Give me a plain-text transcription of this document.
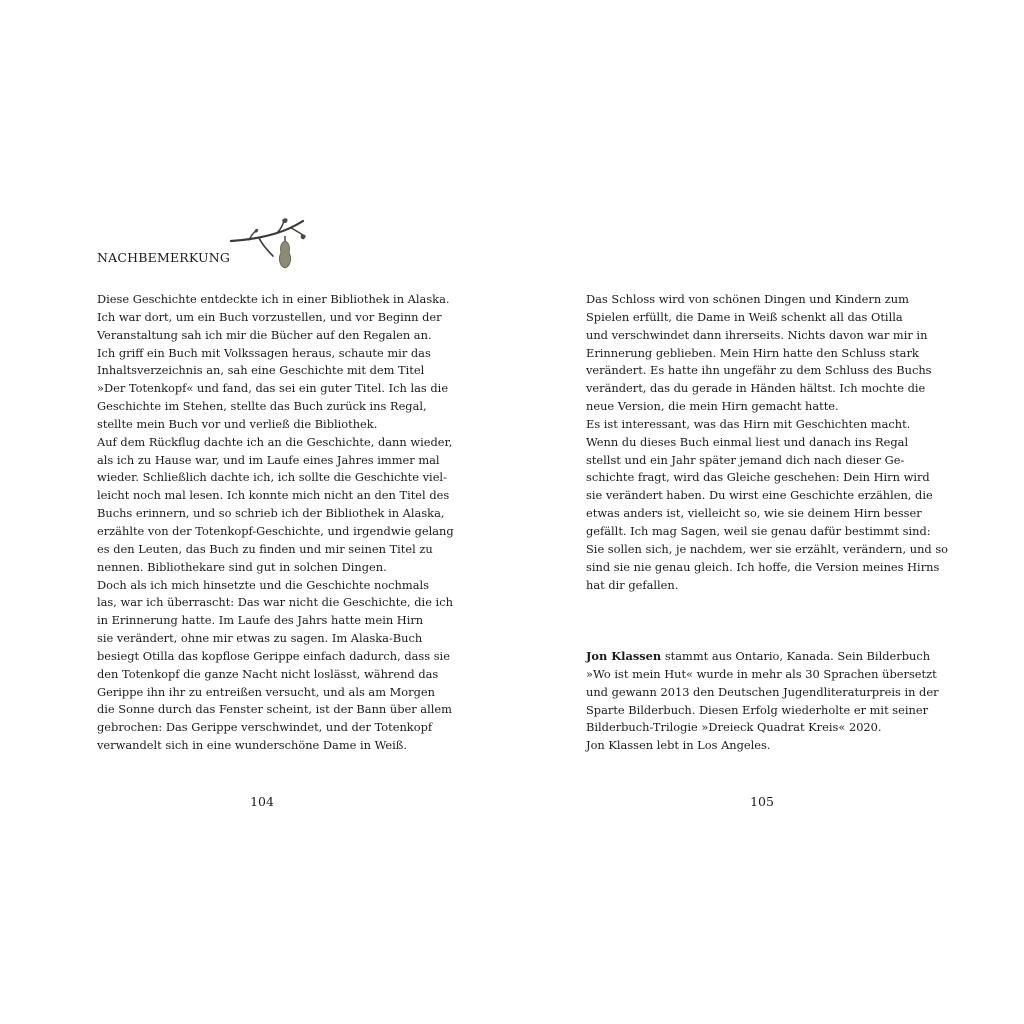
NACHBEMERKUNG
Diese Geschichte entdeckte ich in einer Bibliothek in Alaska.
Ich war dort, um ein Buch vorzustellen, und vor Beginn der
Veranstaltung sah ich mir die Bücher auf den Regalen an.
Ich griff ein Buch mit Volkssagen heraus, schaute mir das
Inhaltsverzeichnis an, sah eine Geschichte mit dem Titel
»Der Totenkopf« und fand, das sei ein guter Titel. Ich las die
Geschichte im Stehen, stellte das Buch zurück ins Regal,
stellte mein Buch vor und verließ die Bibliothek.
Auf dem Rückflug dachte ich an die Geschichte, dann wieder,
als ich zu Hause war, und im Laufe eines Jahres immer mal
wieder. Schließlich dachte ich, ich sollte die Geschichte viel-
leicht noch mal lesen. Ich konnte mich nicht an den Titel des
Buchs erinnern, und so schrieb ich der Bibliothek in Alaska,
erzählte von der Totenkopf-Geschichte, und irgendwie gelang
es den Leuten, das Buch zu finden und mir seinen Titel zu
nennen. Bibliothekare sind gut in solchen Dingen.
Doch als ich mich hinsetzte und die Geschichte nochmals
las, war ich überrascht: Das war nicht die Geschichte, die ich
in Erinnerung hatte. Im Laufe des Jahrs hatte mein Hirn
sie verändert, ohne mir etwas zu sagen. Im Alaska-Buch
besiegt Otilla das kopflose Gerippe einfach dadurch, dass sie
den Totenkopf die ganze Nacht nicht loslässt, während das
Gerippe ihn ihr zu entreißen versucht, und als am Morgen
die Sonne durch das Fenster scheint, ist der Bann über allem
gebrochen: Das Gerippe verschwindet, und der Totenkopf
verwandelt sich in eine wunderschöne Dame in Weiß.
104
Das Schloss wird von schönen Dingen und Kindern zum
Spielen erfüllt, die Dame in Weiß schenkt all das Otilla
und verschwindet dann ihrerseits. Nichts davon war mir in
Erinnerung geblieben. Mein Hirn hatte den Schluss stark
verändert. Es hatte ihn ungefähr zu dem Schluss des Buchs
verändert, das du gerade in Händen hältst. Ich mochte die
neue Version, die mein Hirn gemacht hatte.
Es ist interessant, was das Hirn mit Geschichten macht.
Wenn du dieses Buch einmal liest und danach ins Regal
stellst und ein Jahr später jemand dich nach dieser Ge-
schichte fragt, wird das Gleiche geschehen: Dein Hirn wird
sie verändert haben. Du wirst eine Geschichte erzählen, die
etwas anders ist, vielleicht so, wie sie deinem Hirn besser
gefällt. Ich mag Sagen, weil sie genau dafür bestimmt sind:
Sie sollen sich, je nachdem, wer sie erzählt, verändern, und so
sind sie nie genau gleich. Ich hoffe, die Version meines Hirns
hat dir gefallen.
Jon Klassen stammt aus Ontario, Kanada. Sein Bilderbuch
»Wo ist mein Hut« wurde in mehr als 30 Sprachen übersetzt
und gewann 2013 den Deutschen Jugendliteraturpreis in der
Sparte Bilderbuch. Diesen Erfolg wiederholte er mit seiner
Bilderbuch-Trilogie »Dreieck Quadrat Kreis« 2020.
Jon Klassen lebt in Los Angeles.
105
